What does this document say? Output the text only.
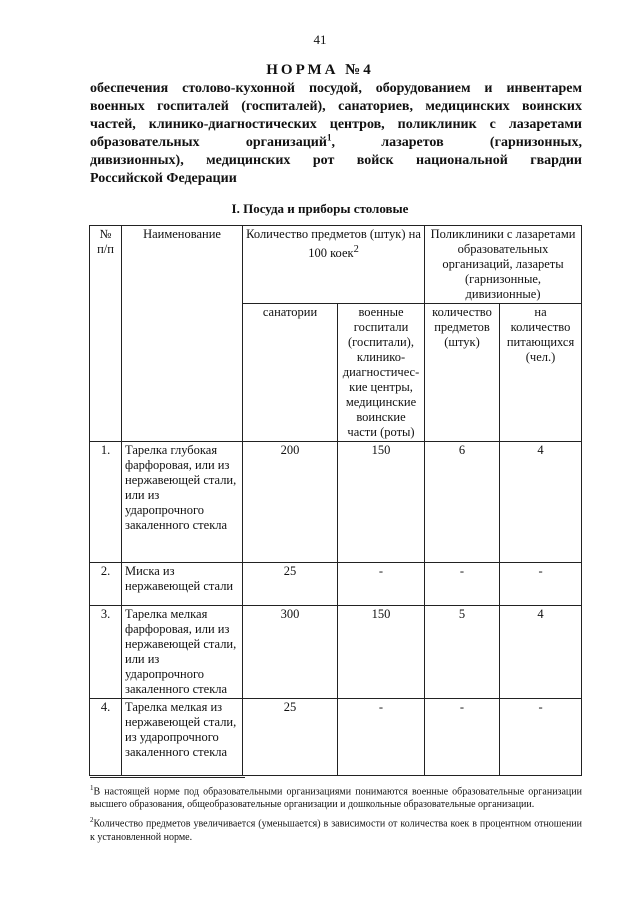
41
НОРМА №4
обеспечения столово-кухонной посудой, оборудованием и инвентарем
военных госпиталей (госпиталей), санаториев, медицинских воинских
частей, клинико-диагностических центров, поликлиник с лазаретами
образовательных организаций$^1$, лазаретов (гарнизонных,
дивизионных), медицинских рот войск национальной гвардии
Российской Федерации
I. Посуда и приборы столовые
№ п/п	Наименование	Количество предметов (штук) на 100 коек$^2$		Поликлиники с лазаретами образовательных организаций, лазареты (гарнизонные, дивизионные)	
		санатории	военные госпитали (госпитали), клинико-диагностичес-кие центры, медицинские воинские части (роты)	количество предметов (штук)	на количество питающихся (чел.)
1.	Тарелка глубокая фарфоровая, или из нержавеющей стали, или из ударопрочного закаленного стекла	200	150	6	4
2.	Миска из нержавеющей стали	25	-	-	-
3.	Тарелка мелкая фарфоровая, или из нержавеющей стали, или из ударопрочного закаленного стекла	300	150	5	4
4.	Тарелка мелкая из нержавеющей стали, из ударопрочного закаленного стекла	25	-	-	-

$^1$В настоящей норме под образовательными организациями понимаются военные образовательные организации высшего образования, общеобразовательные организации и дошкольные образовательные организации.

$^2$Количество предметов увеличивается (уменьшается) в зависимости от количества коек в процентном отношении к установленной норме.
